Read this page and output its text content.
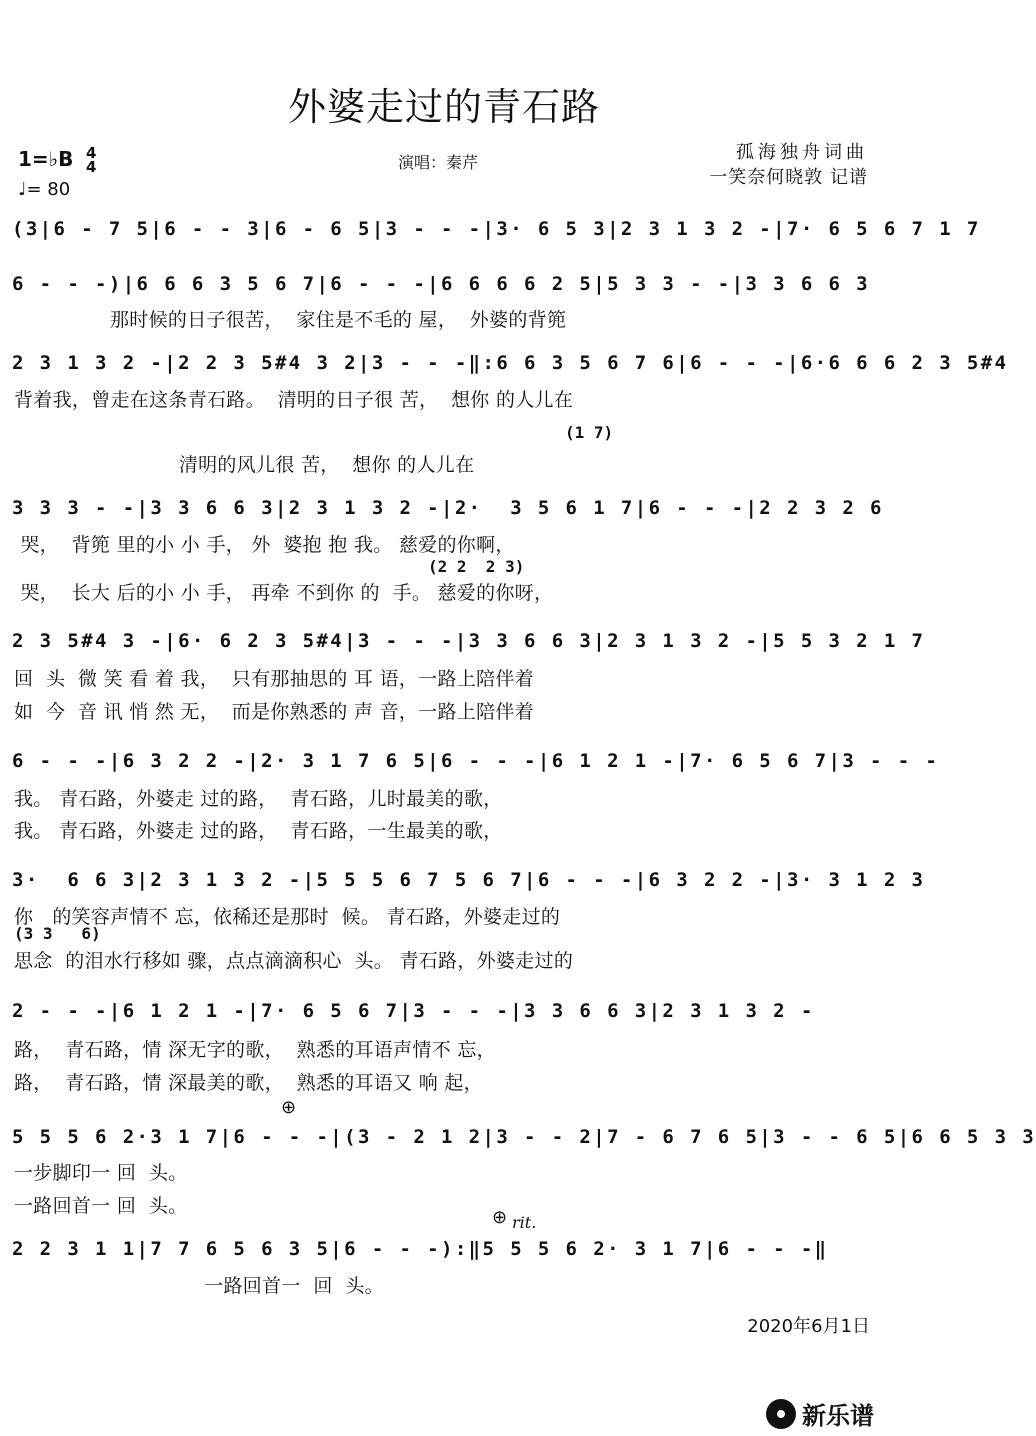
外婆走过的青石路
1=♭B 4
4
♩= 80
演唱：秦芹	孤海独舟词曲
一笑奈何晓敦 记谱
(3|6 - 7 5|6 - - 3|6 - 6 5|3 - - -|3· 6 5 3|2 3 1 3 2 -|7· 6 5 6 7 1 7
6 - - -)|6 6 6 3 5 6 7|6 - - -|6 6 6 6 2 5|5 3 3 - -|3 3 6 6 3
那时候的日子很苦，  家住是不毛的 屋，  外婆的背篼
2 3 1 3 2 -|2 2 3 5#4 3 2|3 - - -‖:6 6 3 5 6 7 6|6 - - -|6·6 6 6 2 3 5#4
背着我，曾走在这条青石路。  清明的日子很 苦，  想你 的人儿在
(1 7)
清明的风儿很 苦，  想你 的人儿在
3 3 3 - -|3 3 6 6 3|2 3 1 3 2 -|2·  3 5 6 1 7|6 - - -|2 2 3 2 6
哭，  背篼 里的小 小 手， 外  婆抱 抱 我。 慈爱的你啊，
(2 2  2 3)
哭，  长大 后的小 小 手， 再牵 不到你 的  手。 慈爱的你呀，
2 3 5#4 3 -|6· 6 2 3 5#4|3 - - -|3 3 6 6 3|2 3 1 3 2 -|5 5 3 2 1 7
回  头  微 笑 看 着 我，  只有那抽思的 耳 语，一路上陪伴着
如  今  音 讯 悄 然 无，  而是你熟悉的 声 音，一路上陪伴着
6 - - -|6 3 2 2 -|2· 3 1 7 6 5|6 - - -|6 1 2 1 -|7· 6 5 6 7|3 - - -
我。 青石路，外婆走 过的路，  青石路，儿时最美的歌，
我。 青石路，外婆走 过的路，  青石路，一生最美的歌，
3·  6 6 3|2 3 1 3 2 -|5 5 5 6 7 5 6 7|6 - - -|6 3 2 2 -|3· 3 1 2 3
你   的笑容声情不 忘，依稀还是那时  候。 青石路，外婆走过的
(3 3   6)
思念  的泪水行移如 骤，点点滴滴积心  头。 青石路，外婆走过的
2 - - -|6 1 2 1 -|7· 6 5 6 7|3 - - -|3 3 6 6 3|2 3 1 3 2 -
路，  青石路，情 深无字的歌，  熟悉的耳语声情不 忘，
路，  青石路，情 深最美的歌，  熟悉的耳语又 响 起，
⊕
5 5 5 6 2·3 1 7|6 - - -|(3 - 2 1 2|3 - - 2|7 - 6 7 6 5|3 - - 6 5|6 6 5 3 3
一步脚印一 回  头。
一路回首一 回  头。
⊕ rit.
2 2 3 1 1|7 7 6 5 6 3 5|6 - - -):‖5 5 5 6 2· 3 1 7|6 - - -‖
一路回首一  回  头。
2020年6月1日
新乐谱
